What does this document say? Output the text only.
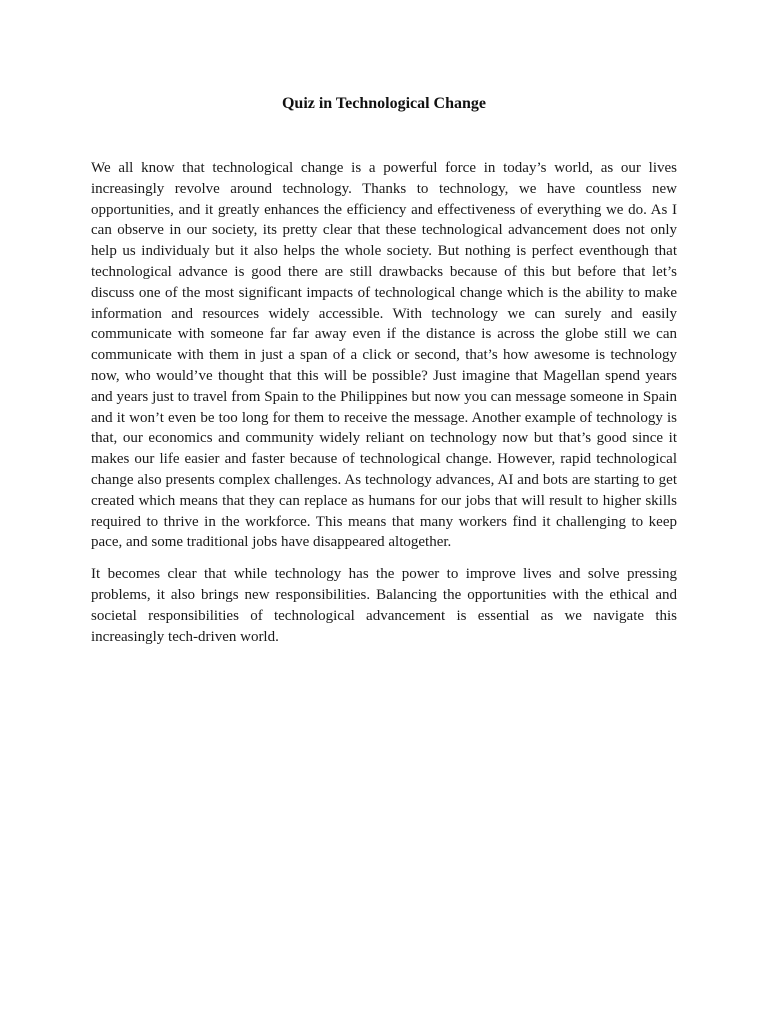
Quiz in Technological Change

We all know that technological change is a powerful force in today’s world, as our lives increasingly revolve around technology. Thanks to technology, we have countless new opportunities, and it greatly enhances the efficiency and effectiveness of everything we do. As I can observe in our society, its pretty clear that these technological advancement does not only help us individualy but it also helps the whole society. But nothing is perfect eventhough that technological advance is good there are still drawbacks because of this but before that let’s discuss one of the most significant impacts of technological change which is the ability to make information and resources widely accessible. With technology we can surely and easily communicate with someone far far away even if the distance is across the globe still we can communicate with them in just a span of a click or second, that’s how awesome is technology now, who would’ve thought that this will be possible? Just imagine that Magellan spend years and years just to travel from Spain to the Philippines but now you can message someone in Spain and it won’t even be too long for them to receive the message. Another example of technology is that, our economics and community widely reliant on technology now but that’s good since it makes our life easier and faster because of technological change. However, rapid technological change also presents complex challenges. As technology advances, AI and bots are starting to get created which means that they can replace as humans for our jobs that will result to higher skills required to thrive in the workforce. This means that many workers find it challenging to keep pace, and some traditional jobs have disappeared altogether.

It becomes clear that while technology has the power to improve lives and solve pressing problems, it also brings new responsibilities. Balancing the opportunities with the ethical and societal responsibilities of technological advancement is essential as we navigate this increasingly tech-driven world.
